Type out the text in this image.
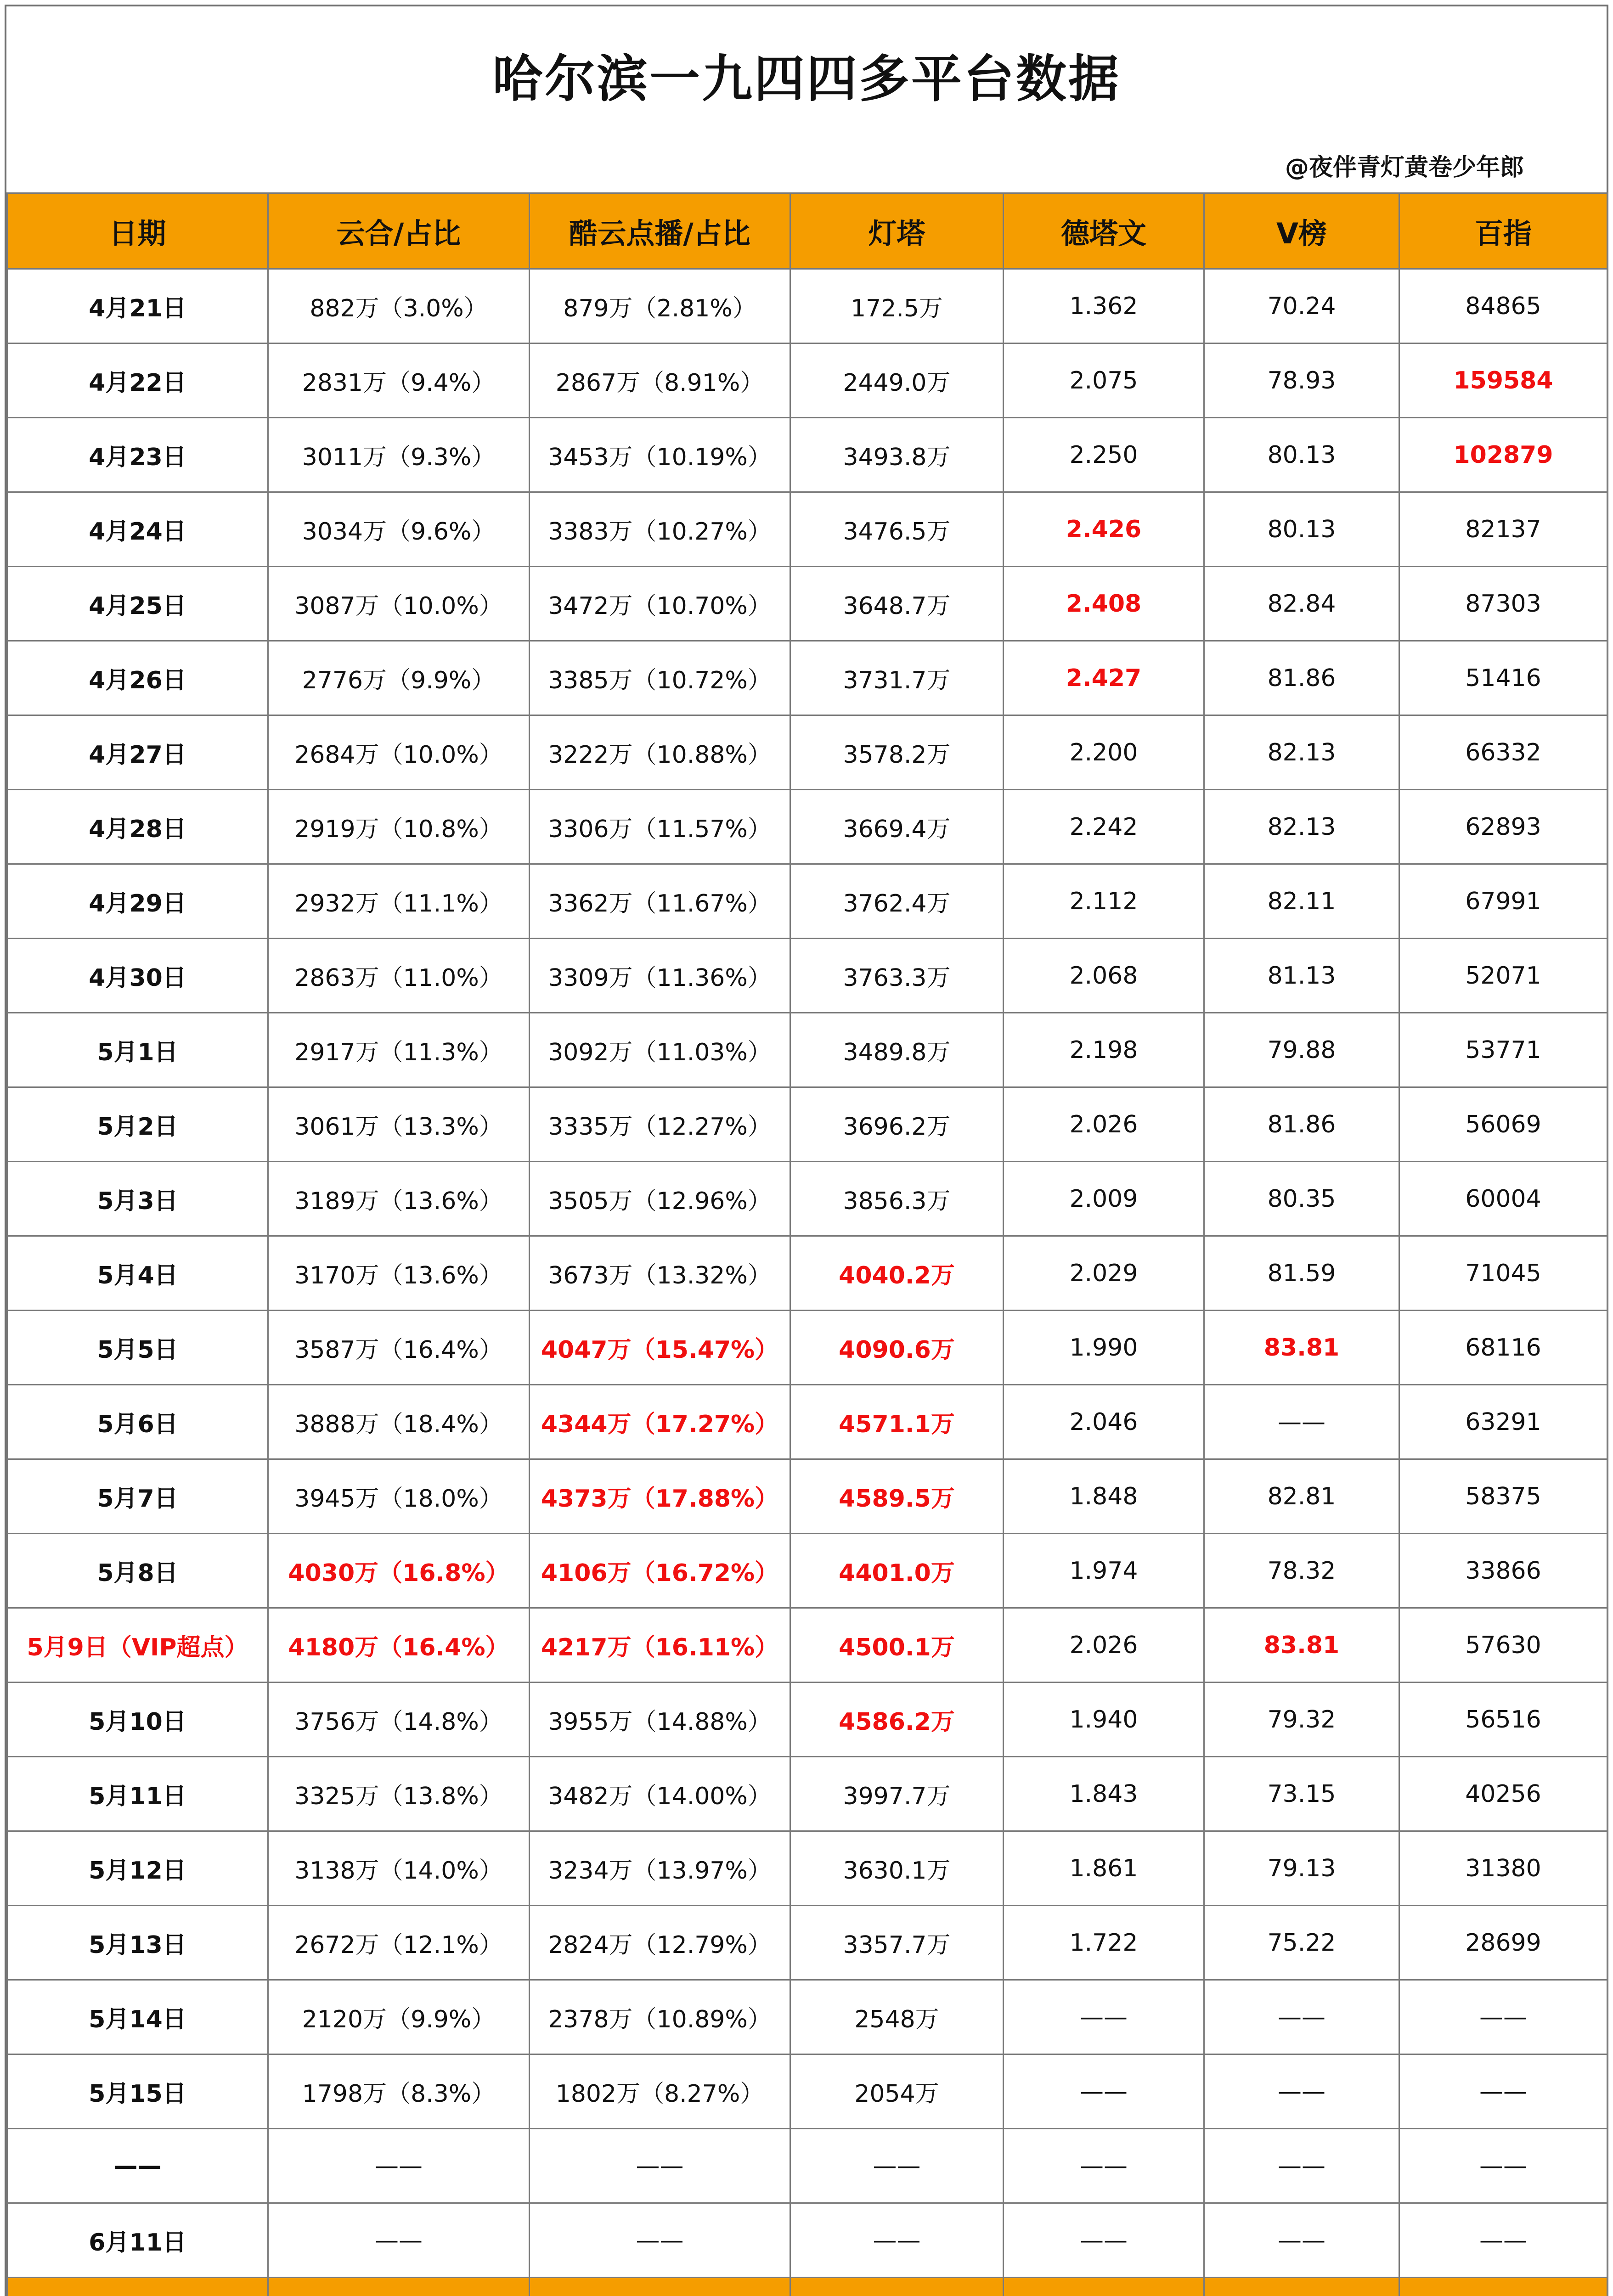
哈尔滨一九四四多平台数据
@夜伴青灯黄卷少年郎
日期	云合/占比	酷云点播/占比	灯塔	德塔文	V榜	百指
4月21日	882万（3.0%）	879万（2.81%）	172.5万	1.362	70.24	84865
4月22日	2831万（9.4%）	2867万（8.91%）	2449.0万	2.075	78.93	159584
4月23日	3011万（9.3%）	3453万（10.19%）	3493.8万	2.250	80.13	102879
4月24日	3034万（9.6%）	3383万（10.27%）	3476.5万	2.426	80.13	82137
4月25日	3087万（10.0%）	3472万（10.70%）	3648.7万	2.408	82.84	87303
4月26日	2776万（9.9%）	3385万（10.72%）	3731.7万	2.427	81.86	51416
4月27日	2684万（10.0%）	3222万（10.88%）	3578.2万	2.200	82.13	66332
4月28日	2919万（10.8%）	3306万（11.57%）	3669.4万	2.242	82.13	62893
4月29日	2932万（11.1%）	3362万（11.67%）	3762.4万	2.112	82.11	67991
4月30日	2863万（11.0%）	3309万（11.36%）	3763.3万	2.068	81.13	52071
5月1日	2917万（11.3%）	3092万（11.03%）	3489.8万	2.198	79.88	53771
5月2日	3061万（13.3%）	3335万（12.27%）	3696.2万	2.026	81.86	56069
5月3日	3189万（13.6%）	3505万（12.96%）	3856.3万	2.009	80.35	60004
5月4日	3170万（13.6%）	3673万（13.32%）	4040.2万	2.029	81.59	71045
5月5日	3587万（16.4%）	4047万（15.47%）	4090.6万	1.990	83.81	68116
5月6日	3888万（18.4%）	4344万（17.27%）	4571.1万	2.046	——	63291
5月7日	3945万（18.0%）	4373万（17.88%）	4589.5万	1.848	82.81	58375
5月8日	4030万（16.8%）	4106万（16.72%）	4401.0万	1.974	78.32	33866
5月9日（VIP超点）	4180万（16.4%）	4217万（16.11%）	4500.1万	2.026	83.81	57630
5月10日	3756万（14.8%）	3955万（14.88%）	4586.2万	1.940	79.32	56516
5月11日	3325万（13.8%）	3482万（14.00%）	3997.7万	1.843	73.15	40256
5月12日	3138万（14.0%）	3234万（13.97%）	3630.1万	1.861	79.13	31380
5月13日	2672万（12.1%）	2824万（12.79%）	3357.7万	1.722	75.22	28699
5月14日	2120万（9.9%）	2378万（10.89%）	2548万	——	——	——
5月15日	1798万（8.3%）	1802万（8.27%）	2054万	——	——	——
——	——	——	——	——	——	——
6月11日	——	——	——	——	——	——
